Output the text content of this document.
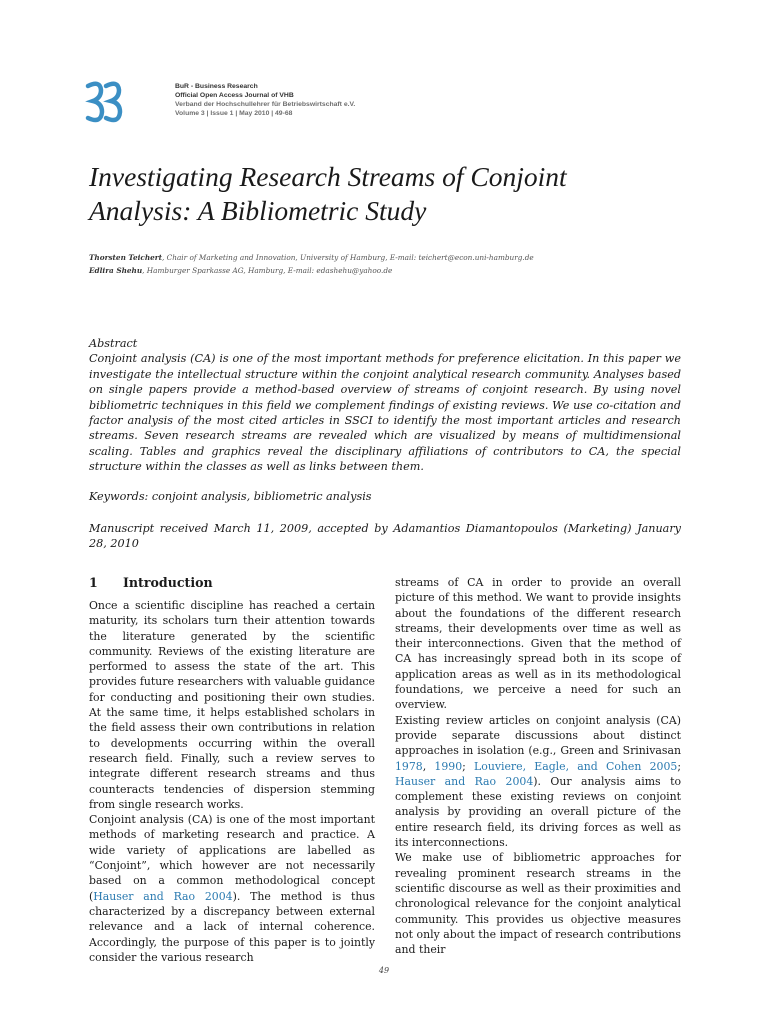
BuR - Business Research
Official Open Access Journal of VHB
Verband der Hochschullehrer für Betriebswirtschaft e.V.
Volume 3 | Issue 1 | May 2010 | 49-68
Investigating Research Streams of Conjoint
Analysis: A Bibliometric Study
Thorsten Teichert, Chair of Marketing and Innovation, University of Hamburg, E-mail: teichert@econ.uni-hamburg.de
Edlira Shehu, Hamburger Sparkasse AG, Hamburg, E-mail: edashehu@yahoo.de

Abstract

Conjoint analysis (CA) is one of the most important methods for preference elicitation. In this paper we investigate the intellectual structure within the conjoint analytical research community. Analyses based on single papers provide a method-based overview of streams of conjoint research. By using novel bibliometric techniques in this field we complement findings of existing reviews. We use co-citation and factor analysis of the most cited articles in SSCI to identify the most important articles and research streams. Seven research streams are revealed which are visualized by means of multidimensional scaling. Tables and graphics reveal the disciplinary affiliations of contributors to CA, the special structure within the classes as well as links between them.

Keywords: conjoint analysis, bibliometric analysis
Manuscript received March 11, 2009, accepted by Adamantios Diamantopoulos (Marketing) January 28, 2010
1 Introduction

Once a scientific discipline has reached a certain maturity, its scholars turn their attention towards the literature generated by the scientific community. Reviews of the existing literature are performed to assess the state of the art. This provides future researchers with valuable guidance for conducting and positioning their own studies. At the same time, it helps established scholars in the field assess their own contributions in relation to developments occurring within the overall research field. Finally, such a review serves to integrate different research streams and thus counteracts tendencies of dispersion stemming from single research works.

Conjoint analysis (CA) is one of the most important methods of marketing research and practice. A wide variety of applications are labelled as “Conjoint”, which however are not necessarily based on a common methodological concept (Hauser and Rao 2004). The method is thus characterized by a discrepancy between external relevance and a lack of internal coherence. Accordingly, the purpose of this paper is to jointly consider the various research

streams of CA in order to provide an overall picture of this method. We want to provide insights about the foundations of the different research streams, their developments over time as well as their interconnections. Given that the method of CA has increasingly spread both in its scope of application areas as well as in its methodological foundations, we perceive a need for such an overview.

Existing review articles on conjoint analysis (CA) provide separate discussions about distinct approaches in isolation (e.g., Green and Srinivasan 1978, 1990; Louviere, Eagle, and Cohen 2005; Hauser and Rao 2004). Our analysis aims to complement these existing reviews on conjoint analysis by providing an overall picture of the entire research field, its driving forces as well as its interconnections.

We make use of bibliometric approaches for revealing prominent research streams in the scientific discourse as well as their proximities and chronological relevance for the conjoint analytical community. This provides us objective measures not only about the impact of research contributions and their

49
